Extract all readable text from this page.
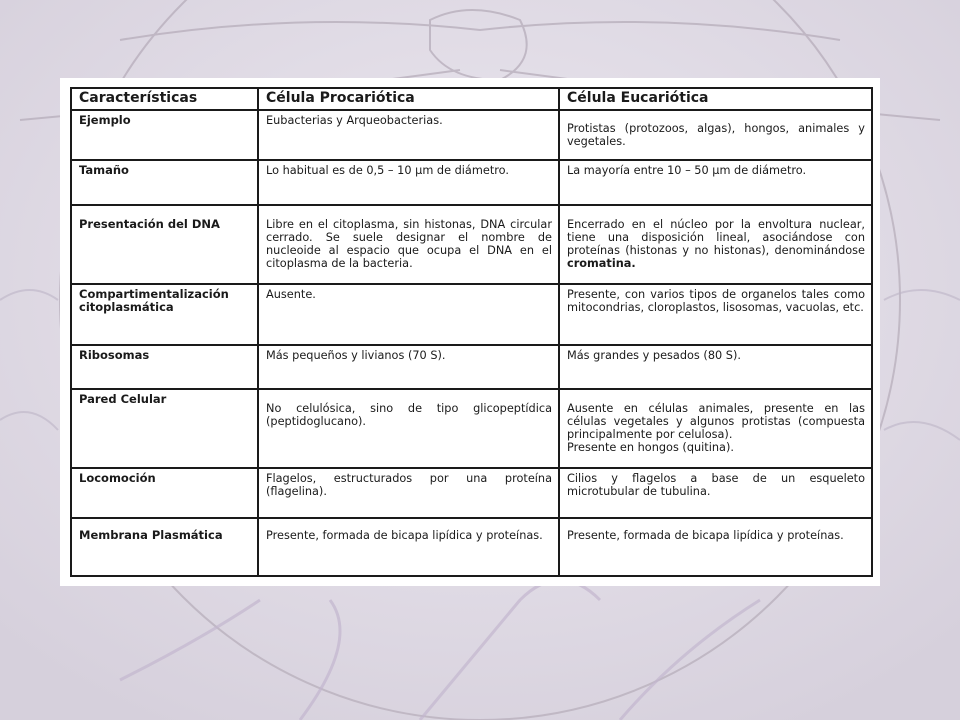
Características	Célula Procariótica	Célula Eucariótica
Ejemplo	Eubacterias y Arqueobacterias.	Protistas (protozoos, algas), hongos, animales y vegetales.
Tamaño	Lo habitual es de 0,5 – 10 µm de diámetro.	La mayoría entre 10 – 50 µm de diámetro.
Presentación del DNA	Libre en el citoplasma, sin histonas, DNA circular cerrado. Se suele designar el nombre de nucleoide al espacio que ocupa el DNA en el citoplasma de la bacteria.	Encerrado en el núcleo por la envoltura nuclear, tiene una disposición lineal, asociándose con proteínas (histonas y no histonas), denominándose cromatina.
Compartimentalización citoplasmática	Ausente.	Presente, con varios tipos de organelos tales como mitocondrias, cloroplastos, lisosomas, vacuolas, etc.
Ribosomas	Más pequeños y livianos (70 S).	Más grandes y pesados (80 S).
Pared Celular	No celulósica, sino de tipo glicopeptídica (peptidoglucano).	Ausente en células animales, presente en las células vegetales y algunos protistas (compuesta principalmente por celulosa).
Presente en hongos (quitina).
Locomoción	Flagelos, estructurados por una proteína (flagelina).	Cilios y flagelos a base de un esqueleto microtubular de tubulina.
Membrana Plasmática	Presente, formada de bicapa lipídica y proteínas.	Presente, formada de bicapa lipídica y proteínas.
